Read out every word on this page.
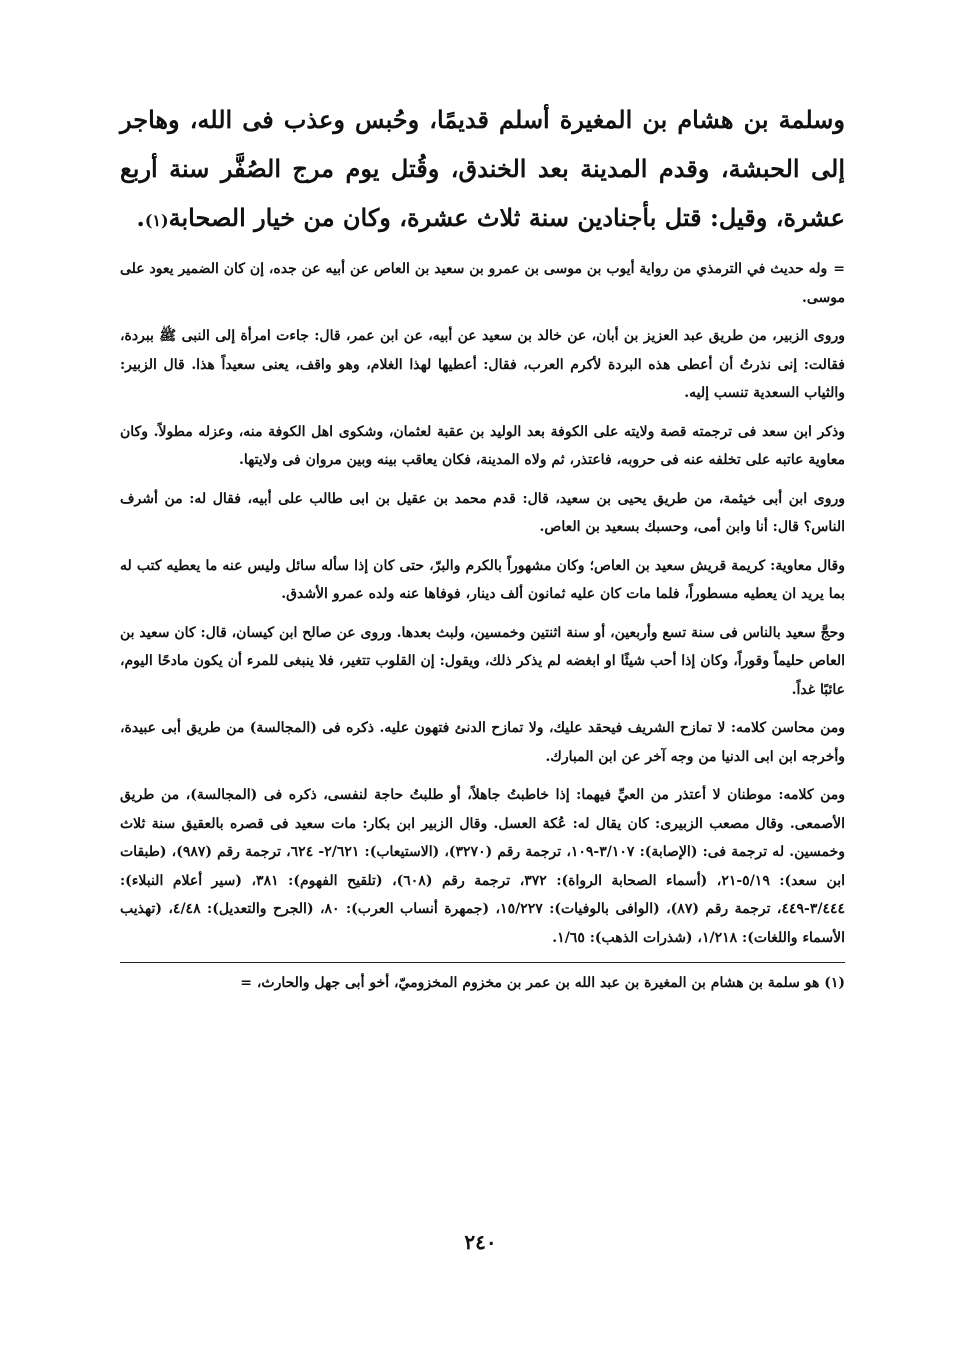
وسلمة بن هشام بن المغيرة أسلم قديمًا، وحُبس وعذب فى الله، وهاجر إلى الحبشة، وقدم المدينة بعد الخندق، وقُتل يوم مرج الصُفَّر سنة أربع عشرة، وقيل: قتل بأجنادين سنة ثلاث عشرة، وكان من خيار الصحابة(١).

=وله حديث في الترمذي من رواية أيوب بن موسى بن عمرو بن سعيد بن العاص عن أبيه عن جده، إن كان الضمير يعود على موسى.

وروى الزبير، من طريق عبد العزيز بن أبان، عن خالد بن سعيد عن أبيه، عن ابن عمر، قال: جاءت امرأة إلى النبى ﷺ ببردة، فقالت: إنى نذرتُ أن أعطى هذه البردة لأكرم العرب، فقال: أعطيها لهذا الغلام، وهو واقف، يعنى سعيداً هذا. قال الزبير: والثياب السعدية تنسب إليه.

وذكر ابن سعد فى ترجمته قصة ولايته على الكوفة بعد الوليد بن عقبة لعثمان، وشكوى اهل الكوفة منه، وعزله مطولاً. وكان معاوية عاتبه على تخلفه عنه فى حروبه، فاعتذر، ثم ولاه المدينة، فكان يعاقب بينه وبين مروان فى ولايتها.

وروى ابن أبى خيثمة، من طريق يحيى بن سعيد، قال: قدم محمد بن عقيل بن ابى طالب على أبيه، فقال له: من أشرف الناس؟ قال: أنا وابن أمى، وحسبك بسعيد بن العاص.

وقال معاوية: كريمة قريش سعيد بن العاص؛ وكان مشهوراً بالكرم والبرّ، حتى كان إذا سأله سائل وليس عنه ما يعطيه كتب له بما يريد ان يعطيه مسطوراً، فلما مات كان عليه ثمانون ألف دينار، فوفاها عنه ولده عمرو الأشدق.

وحجَّ سعيد بالناس فى سنة تسع وأربعين، أو سنة اثنتين وخمسين، ولبث بعدها. وروى عن صالح ابن كيسان، قال: كان سعيد بن العاص حليماً وقوراً، وكان إذا أحب شيئًا او ابغضه لم يذكر ذلك، ويقول: إن القلوب تتغير، فلا ينبغى للمرء أن يكون مادحًا اليوم، عائبًا غداً.

ومن محاسن كلامه: لا تمازح الشريف فيحقد عليك، ولا تمازح الدنئ فتهون عليه. ذكره فى (المجالسة) من طريق أبى عبيدة، وأخرجه ابن ابى الدنيا من وجه آخر عن ابن المبارك.

ومن كلامه: موطنان لا أعتذر من العيِّ فيهما: إذا خاطبتُ جاهلاً، أو طلبتُ حاجة لنفسى، ذكره فى (المجالسة)، من طريق الأصمعى. وقال مصعب الزبيرى: كان يقال له: عُكة العسل. وقال الزبير ابن بكار: مات سعيد فى قصره بالعقيق سنة ثلاث وخمسين. له ترجمة فى: (الإصابة): ٣/١٠٧-١٠٩، ترجمة رقم (٣٢٧٠)، (الاستيعاب): ٢/٦٢١- ٦٢٤، ترجمة رقم (٩٨٧)، (طبقات ابن سعد): ٥/١٩-٢١، (أسماء الصحابة الرواة): ٣٧٢، ترجمة رقم (٦٠٨)، (تلقيح الفهوم): ٣٨١، (سير أعلام النبلاء): ٣/٤٤٤-٤٤٩، ترجمة رقم (٨٧)، (الوافى بالوفيات): ١٥/٢٢٧، (جمهرة أنساب العرب): ٨٠، (الجرح والتعديل): ٤/٤٨، (تهذيب الأسماء واللغات): ١/٢١٨، (شذرات الذهب): ١/٦٥.

(١) هو سلمة بن هشام بن المغيرة بن عبد الله بن عمر بن مخزوم المخزوميّ، أخو أبى جهل والحارث، =

٢٤٠
